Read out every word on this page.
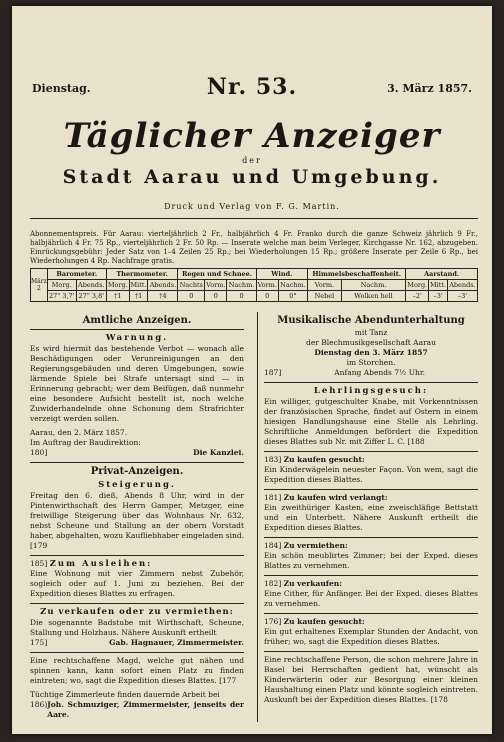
Dienstag.	Nr. 53.	3. März 1857.
Täglicher Anzeiger
der
Stadt Aarau und Umgebung.
Druck und Verlag von F. G. Martin.
Abonnementspreis. Für Aarau: vierteljährlich 2 Fr., halbjährlich 4 Fr. Franko durch die ganze Schweiz jährlich 9 Fr., halbjährlich 4 Fr. 75 Rp., vierteljährlich 2 Fr. 50 Rp. — Inserate welche man beim Verleger, Kirchgasse Nr. 162, abzugeben. Einrückungsgebühr: Jeder Satz von 1–4 Zeilen 25 Rp.; bei Wiederholungen 15 Rp.; größere Inserate per Zeile 6 Rp., bei Wiederholungen 4 Rp. Nachfrage gratis.
März 2	Barometer.		Thermometer.			Regen und Schnee.			Wind.		Himmelsbeschaffenheit.		Aarstand.		
	Morg.	Abends.	Morg.	Mitt.	Abends.	Nachts	Vorm.	Nachm.	Vorm.	Nachm.	Vorm.	Nachm.	Morg.	Mitt.	Abends.
	27" 3,7'	27" 3,8'	†1	†1	†4	0	0	0	0	0°	Nebel	Wolken hell	–2'	–3'	–3'
Amtliche Anzeigen.
Warnung.
Es wird hiermit das bestehende Verbot — wonach alle Beschädigungen oder Verunreinigungen an den Regierungsgebäuden und deren Umgebungen, sowie lärmende Spiele bei Strafe untersagt sind — in Erinnerung gebracht; wer dem Beifügen, daß nunmehr eine besondere Aufsicht bestellt ist, noch welche Zuwiderhandelnde ohne Schonung dem Strafrichter verzeigt werden sollen.
Aarau, den 2. März 1857.
Im Auftrag der Baudirektion:
180]	Die Kanzlei.
Privat-Anzeigen.
Steigerung.
Freitag den 6. dieß, Abends 8 Uhr, wird in der Pintenwirthschaft des Herrn Gamper, Metzger, eine freiwillige Steigerung über das Wohnhaus Nr. 632, nebst Scheune und Stallung an der obern Vorstadt haber, abgehalten, wozu Kaufliebhaber eingeladen sind. [179
185] Zum Ausleihen:
Eine Wohnung mit vier Zimmern nebst Zubehör, sogleich oder auf 1. Juni zu beziehen. Bei der Expedition dieses Blattes zu erfragen.
Zu verkaufen oder zu vermiethen:
Die sogenannte Badstube mit Wirthschaft, Scheune, Stallung und Holzhaus. Nähere Auskunft ertheilt
175]	Gab. Hagnauer, Zimmermeister.
Eine rechtschaffene Magd, welche gut nähen und spinnen kann, kann sofort einen Platz zu finden eintreten; wo, sagt die Expedition dieses Blattes. [177
Tüchtige Zimmerleute finden dauernde Arbeit bei
186) Joh. Schmuziger, Zimmermeister, jenseits der Aare.
Musikalische Abendunterhaltung
mit Tanz
der Blechmusikgesellschaft Aarau
Dienstag den 3. März 1857
im Storchen.
187]	Anfang Abends 7½ Uhr.
Lehrlingsgesuch:
Ein williger, gutgeschulter Knabe, mit Vorkenntnissen der französischen Sprache, findet auf Ostern in einem hiesigen Handlungshause eine Stelle als Lehrling. Schriftliche Anmeldungen befördert die Expedition dieses Blattes sub Nr. mit Ziffer L. C. [188
183] Zu kaufen gesucht:
Ein Kinderwägelein neuester Façon. Von wem, sagt die Expedition dieses Blattes.
181] Zu kaufen wird verlangt:
Ein zweithüriger Kasten, eine zweischläfige Bettstatt und ein Unterbett. Nähere Auskunft ertheilt die Expedition dieses Blattes.
184] Zu vermiethen:
Ein schön meublirtes Zimmer; bei der Exped. dieses Blattes zu vernehmen.
182] Zu verkaufen:
Eine Cither, für Anfänger. Bei der Exped. dieses Blattes zu vernehmen.
176] Zu kaufen gesucht:
Ein gut erhaltenes Exemplar Stunden der Andacht, von früher; wo, sagt die Expedition dieses Blattes.
Eine rechtschaffene Person, die schon mehrere Jahre in Basel bei Herrschaften gedient hat, wünscht als Kinderwärterin oder zur Besorgung einer kleinen Haushaltung einen Platz und könnte sogleich eintreten. Auskunft bei der Expedition dieses Blattes. [178
